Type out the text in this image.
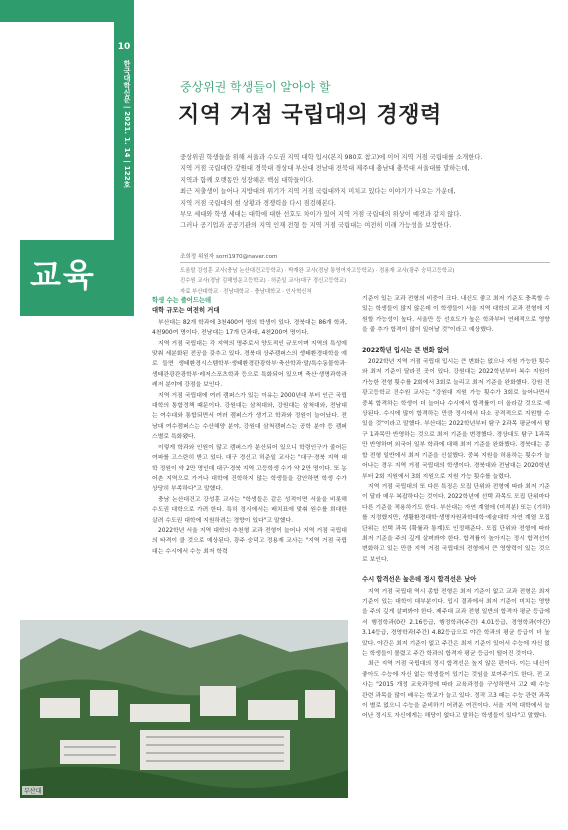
10
한국대학신문 | 2021. 1. 14 | 122호
교육
중상위권 학생들이 알아야 할
지역 거점 국립대의 경쟁력

중상위권 학생들을 위해 서울과 수도권 지역 대학 입시(본지 980호 참고)에 이어 지역 거점 국립대를 소개한다.

지역 거점 국립대란 강원대 경북대 경상대 부산대 전남대 전북대 제주대 충남대 충북대 서울대를 말하는데,

지역과 함께 오랫동안 성장해온 핵심 대학들이다.

최근 저출생이 늘어나 지방대의 위기가 지역 거점 국립대까지 미치고 있다는 이야기가 나오는 가운데,

지역 거점 국립대의 현 상황과 경쟁력을 다시 점검해본다.

부모 세대와 학생 세대는 대학에 대한 선호도 차이가 있어 지역 거점 국립대의 위상이 예전과 같지 않다.

그러나 공기업과 공공기관의 지역 인재 전형 등 지역 거점 국립대는 여전히 미래 가능성을 보장한다.

조희정 위원자 sorri1970@naver.com
도움말 강성훈 교사(충남 논산대건고등학교) · 박재완 교사(경남 통영여자고등학교) · 정용재 교사(광주 숭덕고등학교)
진수원 교사(경남 김해영운고등학교) · 허준일 교사(대구 경신고등학교)
자료 부산대학교 · 전남대학교 · 충남대학교 · 인사혁신처
학생 수는 줄어드는데
대학 규모는 여전히 거대

부산대는 82개 학과에 3천400여 명의 학생이 있다. 경북대는 86개 학과, 4천900여 명이다. 전남대는 17개 단과대, 4천200여 명이다.

지역 거점 국립대는 각 지역의 명주로서 양도적인 규모이며 지역의 특성에 맞춰 세분화된 전공을 갖추고 있다. 경북대 상주캠퍼스의 생태환경대학을 예로 들면 생태환경시스템학부·생태환경관광학부·축산학과·말/특수동물학과·생태관광관광학부·레저스포츠학과 등으로 특화되어 있으며 축산·생명과학과 레저 분야에 강점을 보인다.

지역 거점 국립대에 여러 캠퍼스가 있는 이유는 2000년대 부터 인근 국립대학의 통합정책 때문이다. 강원대는 삼척대와, 강원대는 삼척대와, 전남대는 여수대와 통합되면서 여러 캠퍼스가 생기고 학과와 정원이 늘어났다. 전남대 여수캠퍼스는 수산해양 분야, 강원대 삼척캠퍼스는 공학 분야 등 캠퍼스별로 특화됐다.

이렇게 학과와 인원이 많고 캠퍼스가 분산되어 있으니 학령인구가 줄어든 여파를 고스란히 받고 있다. 대구 경신고 허준일 교사는 "대구·경북 지역 대학 정원이 약 2만 명인데 대구·경북 지역 고등학생 수가 약 2만 명이다. 또 농어촌 지역으로 가거나 대학에 진학하지 않는 학생들을 감안하면 학생 수가 상당히 부족하다"고 말했다.

충남 논산대건고 강성훈 교사는 "학생들은 같은 성적이면 서울을 비롯해 수도권 대학으로 가려 한다. 특히 정시에서는 배치표에 맞춰 원수를 희대한 살려 수도권 대학에 지원하려는 경향이 있다"고 말했다.

2022학년 서울 지역 대학의 추천형 교과 전형이 늘어나 지역 거점 국립대의 타격이 클 것으로 예상된다. 광주 숭덕고 정용재 교사는 "지역 거점 국립대는 수시에서 수능 최저 학력

기준이 있는 교과 전형의 비중이 크다. 내신도 좋고 최저 기준도 충족할 수 있는 학생들이 많지 않은데 이 학생들이 서울 지역 대학의 교과 전형에 지원할 가능성이 높다. 서울만 등 선호도가 높은 학과부터 연쇄적으로 영향을 줄 추가 합격이 많이 일어날 것"이라고 예상했다.

2022학년 입시는 큰 변화 없어

2022학년 지역 거점 국립대 입시는 큰 변화는 없으나 지원 가능한 횟수와 최저 기준이 달라진 곳이 있다. 강원대는 2022학년부터 복수 지원이 가능한 전형 횟수를 2회에서 3회로 늘리고 최저 기준을 완화했다. 강원 진광고등학교 진수원 교사는 "강원대 지원 가능 횟수가 3회로 늘어나면서 중복 합격하는 학생이 더 늘어나 수시에서 합격률이 더 올라갈 것으로 예상된다. 수시에 많이 합격하는 만큼 정시에서 다소 공격적으로 지원할 수 있을 것"이라고 말했다. 부산대는 2022학년부터 탐구 2과목 평균에서 탐구 1과목만 반영하는 것으로 최저 기준을 변경했다. 경상대도 탐구 1과목만 반영하며 외국어 일부 학과에 대해 최저 기준을 완화했다. 경북대는 종합 전형 일반에서 최저 기준을 신설했다. 중복 지원을 허용하는 횟수가 늘어나는 경우 지역 거점 국립대의 학생이다. 경북대와 전남대는 2020학년부터 2회 지원에서 3회 지원으로 지원 가능 횟수를 늘렸다.

지역 거점 국립대의 또 다른 특징은 모집 단위와 전형에 따라 최저 기준이 달라 매우 복잡하다는 것이다. 2022학년에 선택 과목도 모집 단위마다 다른 기준을 적용하기도 한다. 부산대는 자연 계열에 (미적분) 또는 (기하)를 지정했지만, 생활환경대학·생명자원과학대학·예술대학 자연 계열 모집 단위는 선택 과목 (확률과 통계)도 인정해준다. 모집 단위와 전형에 따라 최저 기준을 주의 깊게 살펴봐야 한다. 합격률이 높아지는 정시 합격선이 변화하고 있는 만큼 지역 거점 국립대의 전형에서 큰 영향력이 있는 것으로 보인다.

수시 합격선은 높은데 정시 합격선은 낮아

지역 거점 국립대 역시 종합 전형은 최저 기준이 없고 교과 전형은 최저 기준이 있는 대학이 대부분이다. 입시 결과에서 최저 기준이 미치는 영향을 주의 깊게 살펴봐야 한다. 제주대 교과 전형 일반의 합격자 평균 등급에서 행정학과(0칸 2.16등급, 행정학과(주간) 4.01등급, 경영학과(야간) 3.14등급, 경영학과(주간) 4.82등급으로 야간 학과의 평균 등급이 더 높았다. 야간은 최저 기준이 없고 주간은 최저 기준이 있어서 수능에 자신 없는 학생들이 몰렸고 주간 학과의 합격자 평균 등급이 떨어진 것이다.

최근 지역 거점 국립대의 정시 합격선은 높지 않은 편이다. 이는 내신이 좋아도 수능에 자신 없는 학생들이 있기는 것임을 보여주기도 한다. 전 교사는 "2015 개정 교육과정에 따라 교육과정을 구성하면서 고2 때 수능 관련 과목을 많이 배우는 학교가 늘고 있다. 정작 고3 때는 수능 관련 과목이 별로 없으니 수능을 준비하기 어려운 여건이다. 서울 지역 대학에서 늘어난 정시도 자신에게는 해당이 없다고 말하는 학생들이 있다"고 말했다.

부산대
